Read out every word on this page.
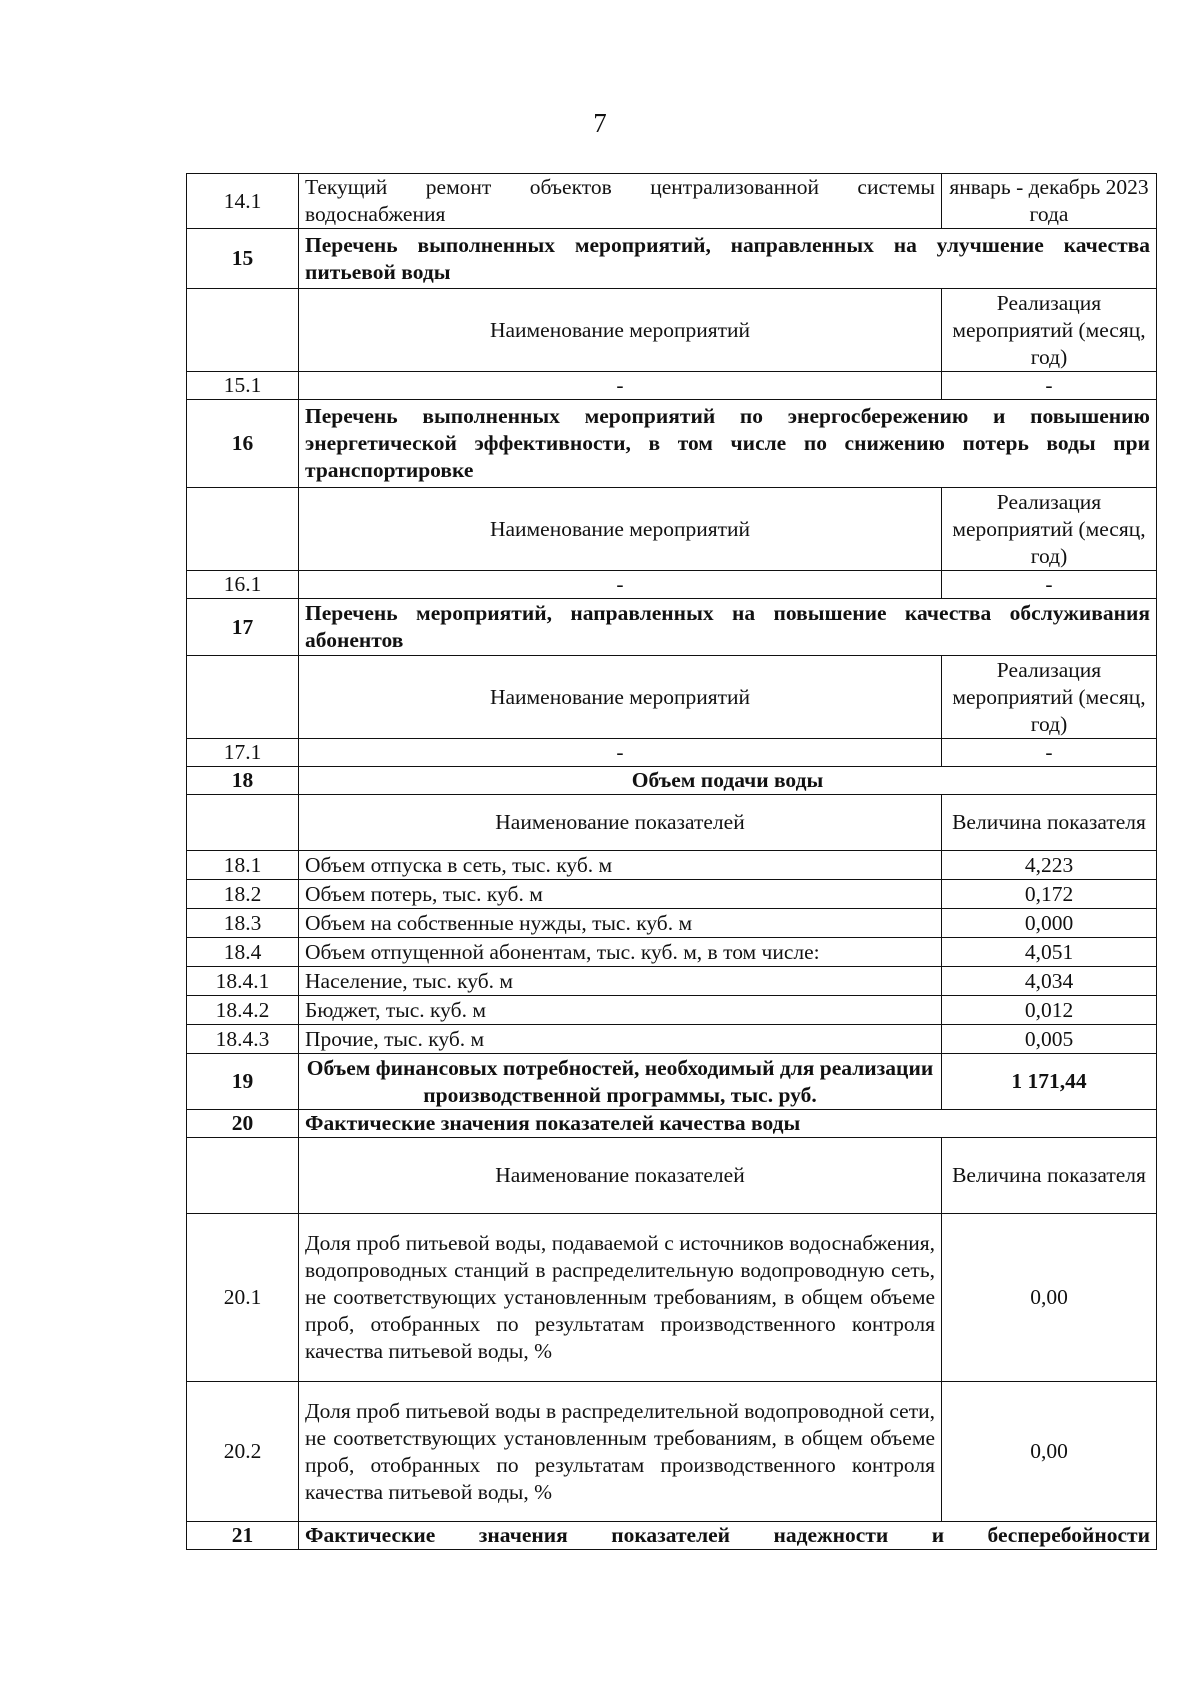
7
14.1	Текущий ремонт объектов централизованной системы водоснабжения	январь - декабрь 2023 года
15	Перечень выполненных мероприятий, направленных на улучшение качества питьевой воды	
	Наименование мероприятий	Реализация мероприятий (месяц, год)
15.1	-	-
16	Перечень выполненных мероприятий по энергосбережению и повышению энергетической эффективности, в том числе по снижению потерь воды при транспортировке	
	Наименование мероприятий	Реализация мероприятий (месяц, год)
16.1	-	-
17	Перечень мероприятий, направленных на повышение качества обслуживания абонентов	
	Наименование мероприятий	Реализация мероприятий (месяц, год)
17.1	-	-
18	Объем подачи воды	
	Наименование показателей	Величина показателя
18.1	Объем отпуска в сеть, тыс. куб. м	4,223
18.2	Объем потерь, тыс. куб. м	0,172
18.3	Объем на собственные нужды, тыс. куб. м	0,000
18.4	Объем отпущенной абонентам, тыс. куб. м, в том числе:	4,051
18.4.1	Население, тыс. куб. м	4,034
18.4.2	Бюджет, тыс. куб. м	0,012
18.4.3	Прочие, тыс. куб. м	0,005
19	Объем финансовых потребностей, необходимый для реализации производственной программы, тыс. руб.	1 171,44
20	Фактические значения показателей качества воды	
	Наименование показателей	Величина показателя
20.1	Доля проб питьевой воды, подаваемой с источников водоснабжения, водопроводных станций в распределительную водопроводную сеть, не соответствующих установленным требованиям, в общем объеме проб, отобранных по результатам производственного контроля качества питьевой воды, %	0,00
20.2	Доля проб питьевой воды в распределительной водопроводной сети, не соответствующих установленным требованиям, в общем объеме проб, отобранных по результатам производственного контроля качества питьевой воды, %	0,00
21	Фактические значения показателей надежности и бесперебойности	
